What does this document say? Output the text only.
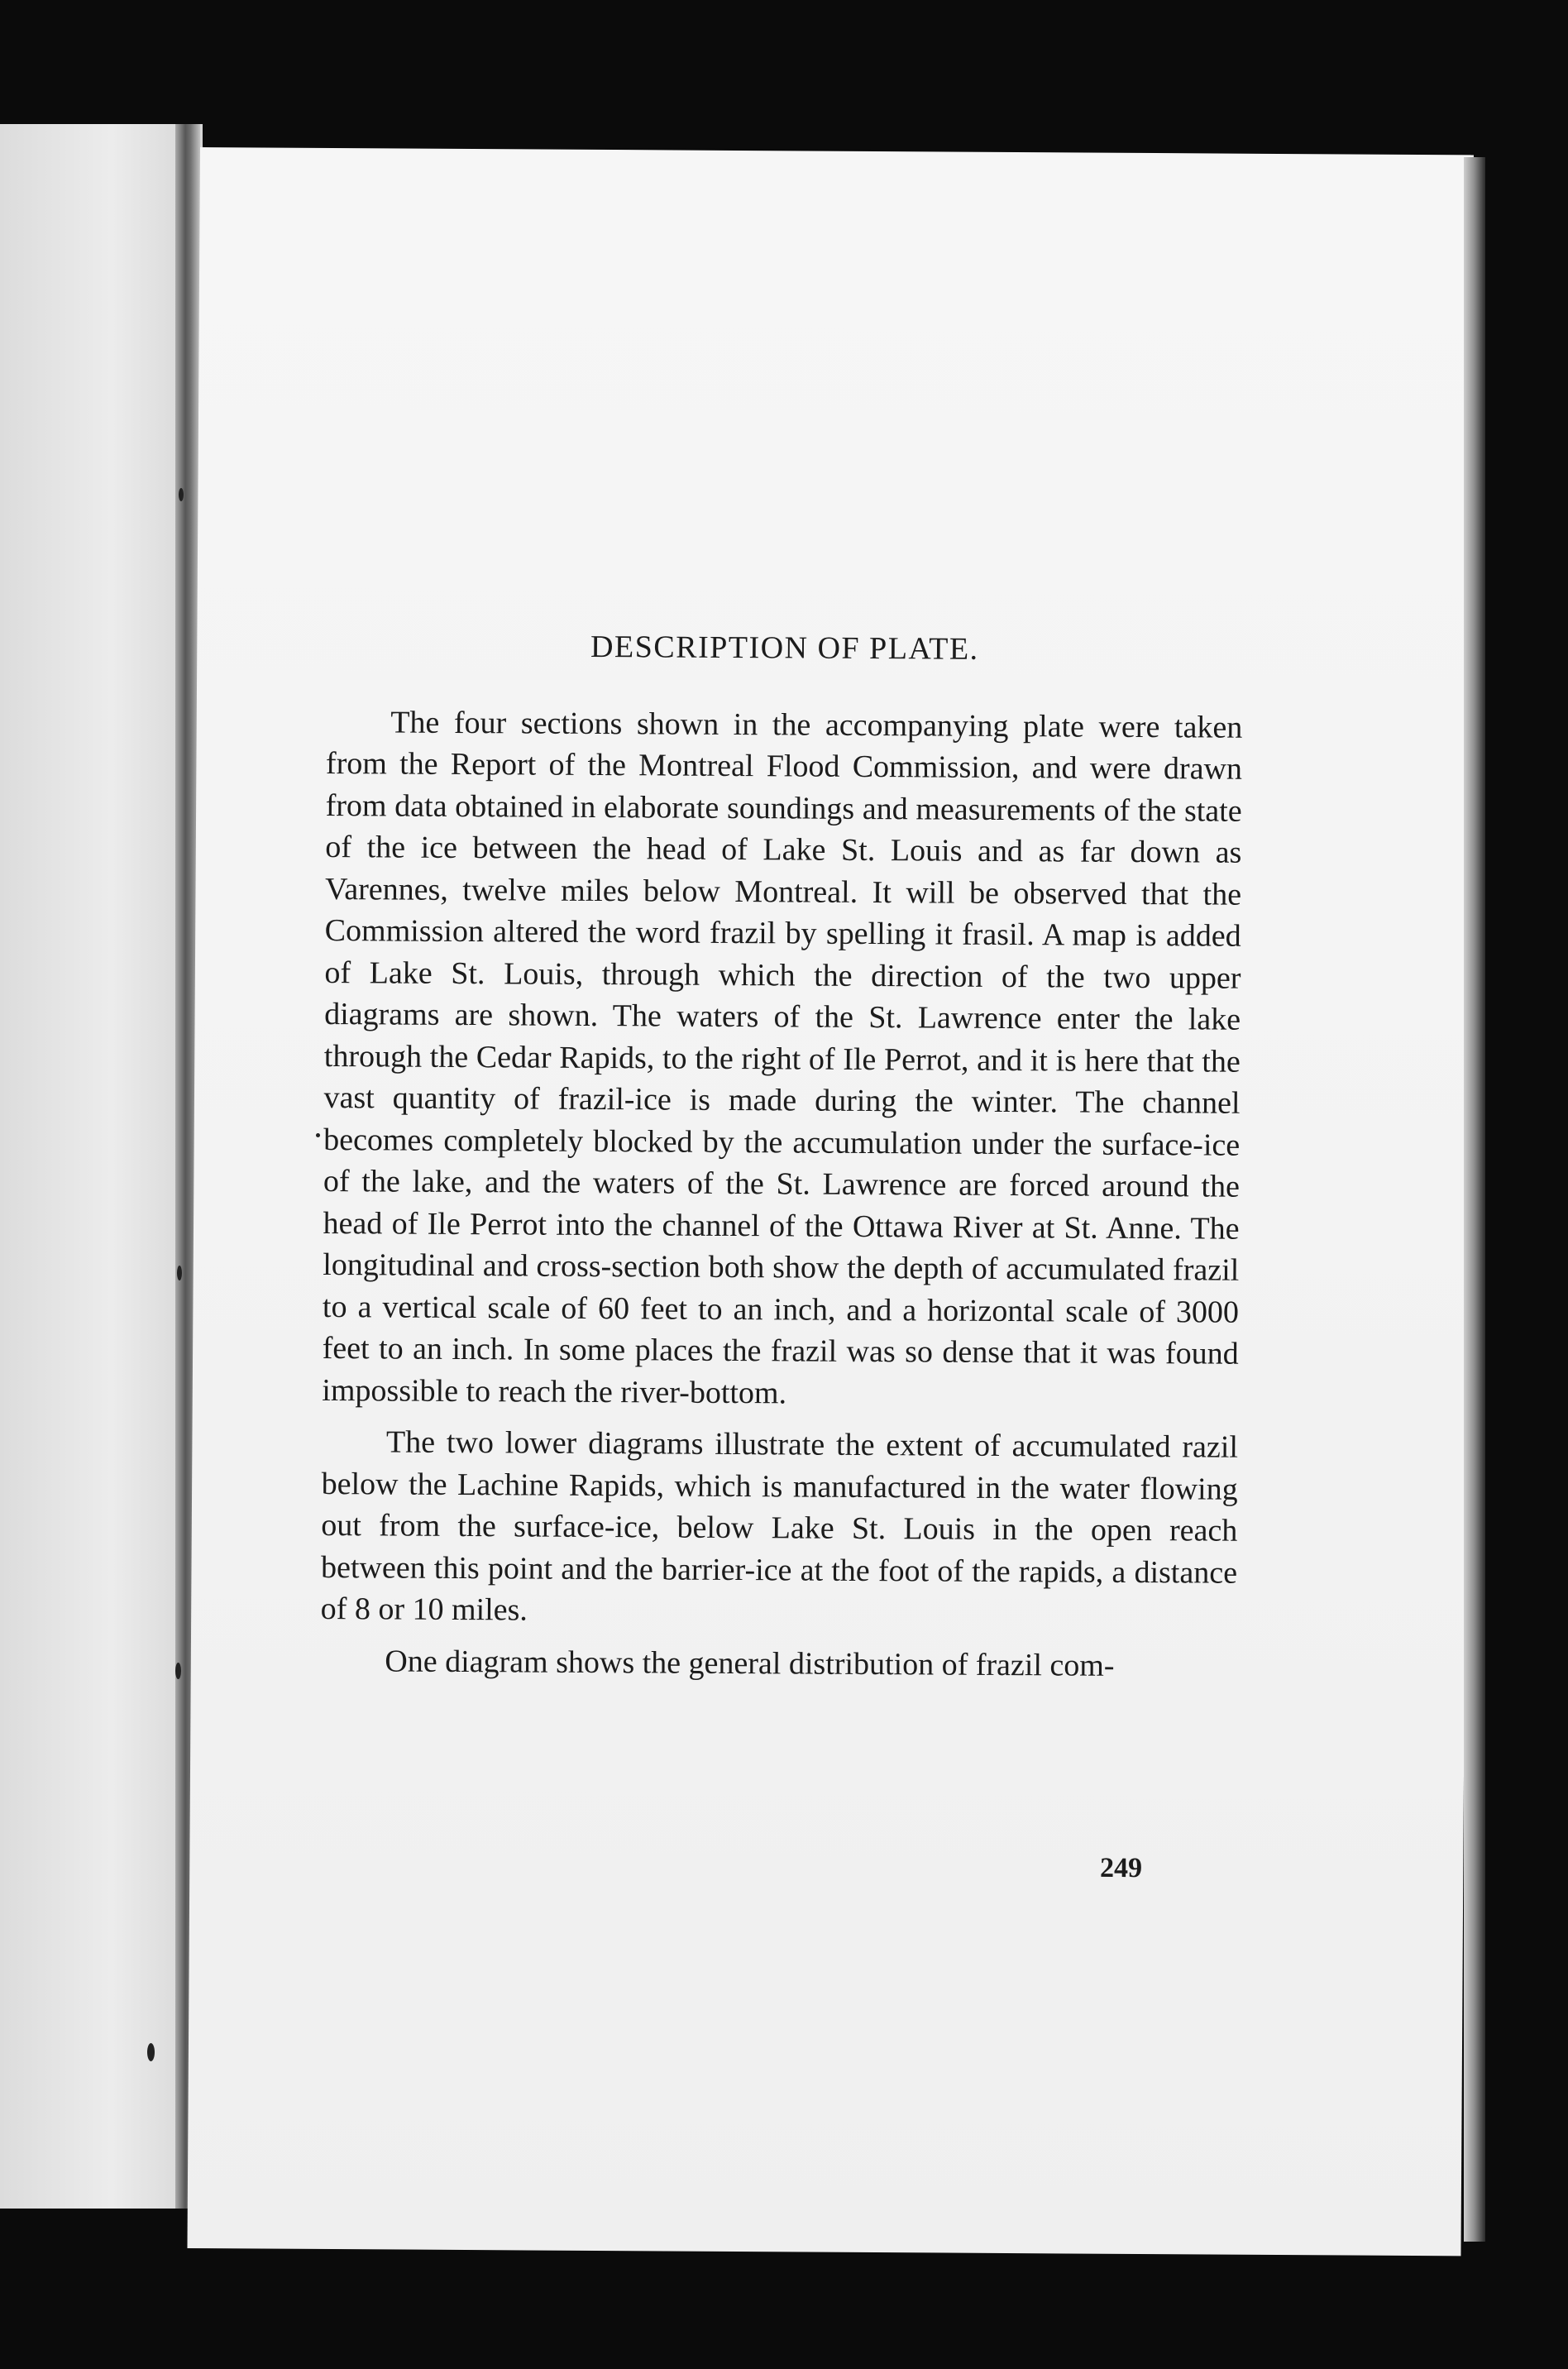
DESCRIPTION OF PLATE.

The four sections shown in the accompanying plate were taken from the Report of the Montreal Flood Commission, and were drawn from data obtained in elaborate soundings and measurements of the state of the ice between the head of Lake St. Louis and as far down as Varennes, twelve miles below Montreal. It will be observed that the Commission altered the word frazil by spelling it frasil. A map is added of Lake St. Louis, through which the direction of the two upper diagrams are shown. The waters of the St. Lawrence enter the lake through the Cedar Rapids, to the right of Ile Perrot, and it is here that the vast quantity of frazil-ice is made during the winter. The channel becomes completely blocked by the accumulation under the surface-ice of the lake, and the waters of the St. Lawrence are forced around the head of Ile Perrot into the channel of the Ottawa River at St. Anne. The longitudinal and cross-section both show the depth of accumulated frazil to a vertical scale of 60 feet to an inch, and a horizontal scale of 3000 feet to an inch. In some places the frazil was so dense that it was found impossible to reach the river-bottom.

The two lower diagrams illustrate the extent of accumulated razil below the Lachine Rapids, which is manufactured in the water flowing out from the surface-ice, below Lake St. Louis in the open reach between this point and the barrier-ice at the foot of the rapids, a distance of 8 or 10 miles.

One diagram shows the general distribution of frazil com-

249
